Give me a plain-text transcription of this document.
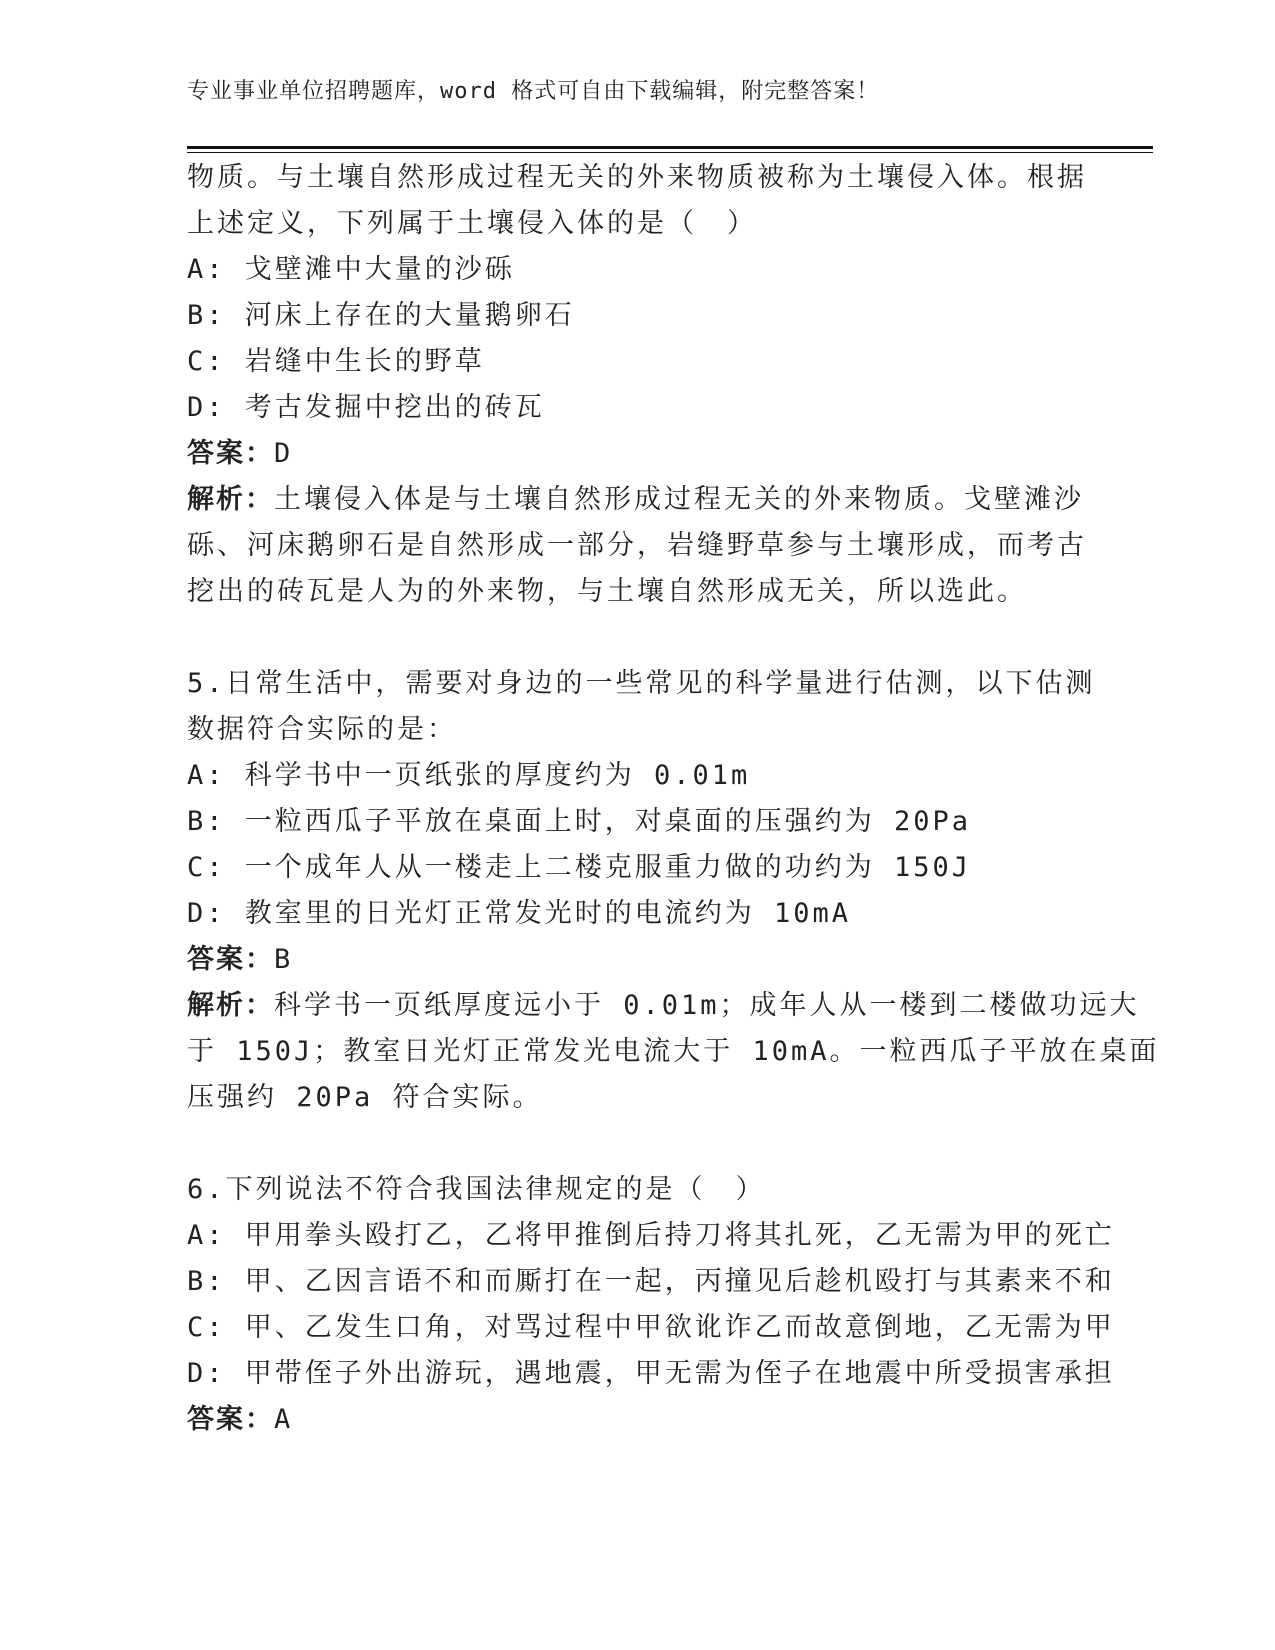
专业事业单位招聘题库，word 格式可自由下载编辑，附完整答案！
物质。与土壤自然形成过程无关的外来物质被称为土壤侵入体。根据
上述定义，下列属于土壤侵入体的是（　）
A: 戈壁滩中大量的沙砾
B: 河床上存在的大量鹅卵石
C: 岩缝中生长的野草
D: 考古发掘中挖出的砖瓦
答案：D
解析：土壤侵入体是与土壤自然形成过程无关的外来物质。戈壁滩沙
砾、河床鹅卵石是自然形成一部分，岩缝野草参与土壤形成，而考古
挖出的砖瓦是人为的外来物，与土壤自然形成无关，所以选此。
5.日常生活中，需要对身边的一些常见的科学量进行估测，以下估测
数据符合实际的是：
A: 科学书中一页纸张的厚度约为 0.01m
B: 一粒西瓜子平放在桌面上时，对桌面的压强约为 20Pa
C: 一个成年人从一楼走上二楼克服重力做的功约为 150J
D: 教室里的日光灯正常发光时的电流约为 10mA
答案：B
解析：科学书一页纸厚度远小于 0.01m；成年人从一楼到二楼做功远大
于 150J；教室日光灯正常发光电流大于 10mA。一粒西瓜子平放在桌面
压强约 20Pa 符合实际。
6.下列说法不符合我国法律规定的是（　）
A: 甲用拳头殴打乙，乙将甲推倒后持刀将其扎死，乙无需为甲的死亡
B: 甲、乙因言语不和而厮打在一起，丙撞见后趁机殴打与其素来不和
C: 甲、乙发生口角，对骂过程中甲欲讹诈乙而故意倒地，乙无需为甲
D: 甲带侄子外出游玩，遇地震，甲无需为侄子在地震中所受损害承担
答案：A
